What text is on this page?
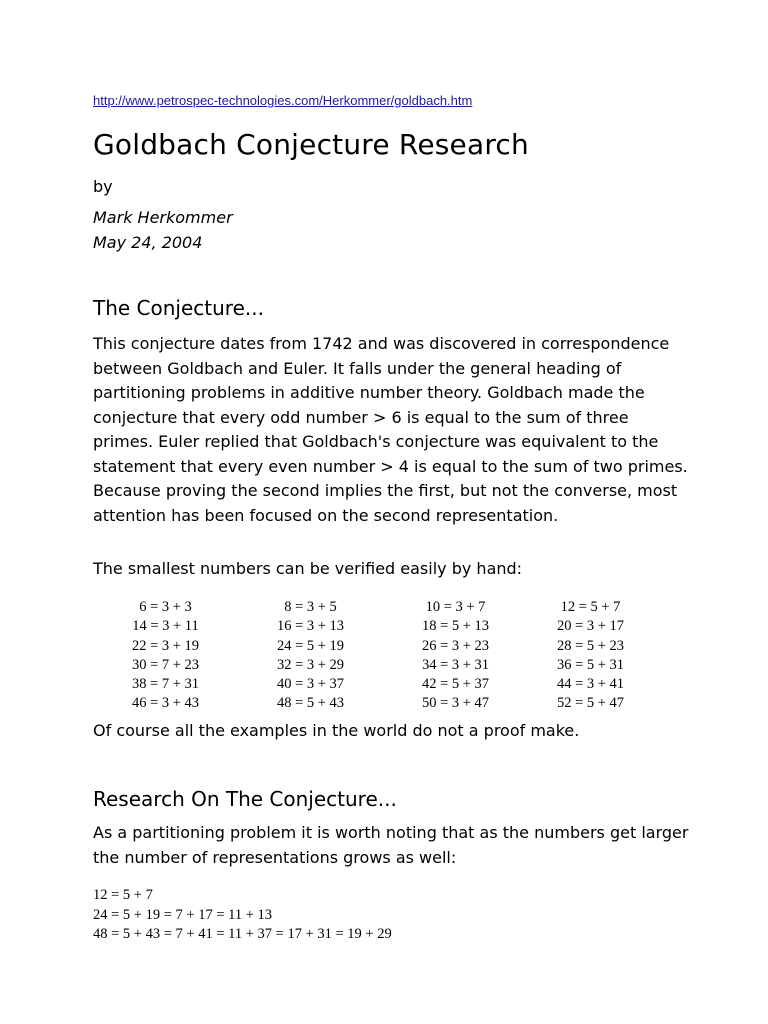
http://www.petrospec-technologies.com/Herkommer/goldbach.htm
Goldbach Conjecture Research
by
Mark Herkommer
May 24, 2004
The Conjecture...

This conjecture dates from 1742 and was discovered in correspondence between Goldbach and Euler. It falls under the general heading of partitioning problems in additive number theory. Goldbach made the conjecture that every odd number > 6 is equal to the sum of three primes. Euler replied that Goldbach's conjecture was equivalent to the statement that every even number > 4 is equal to the sum of two primes. Because proving the second implies the first, but not the converse, most attention has been focused on the second representation.

The smallest numbers can be verified easily by hand:

6 = 3 + 3	8 = 3 + 5	10 = 3 + 7	12 = 5 + 7
14 = 3 + 11	16 = 3 + 13	18 = 5 + 13	20 = 3 + 17
22 = 3 + 19	24 = 5 + 19	26 = 3 + 23	28 = 5 + 23
30 = 7 + 23	32 = 3 + 29	34 = 3 + 31	36 = 5 + 31
38 = 7 + 31	40 = 3 + 37	42 = 5 + 37	44 = 3 + 41
46 = 3 + 43	48 = 5 + 43	50 = 3 + 47	52 = 5 + 47

Of course all the examples in the world do not a proof make.

Research On The Conjecture...

As a partitioning problem it is worth noting that as the numbers get larger the number of representations grows as well:

12 = 5 + 7
24 = 5 + 19 = 7 + 17 = 11 + 13
48 = 5 + 43 = 7 + 41 = 11 + 37 = 17 + 31 = 19 + 29
